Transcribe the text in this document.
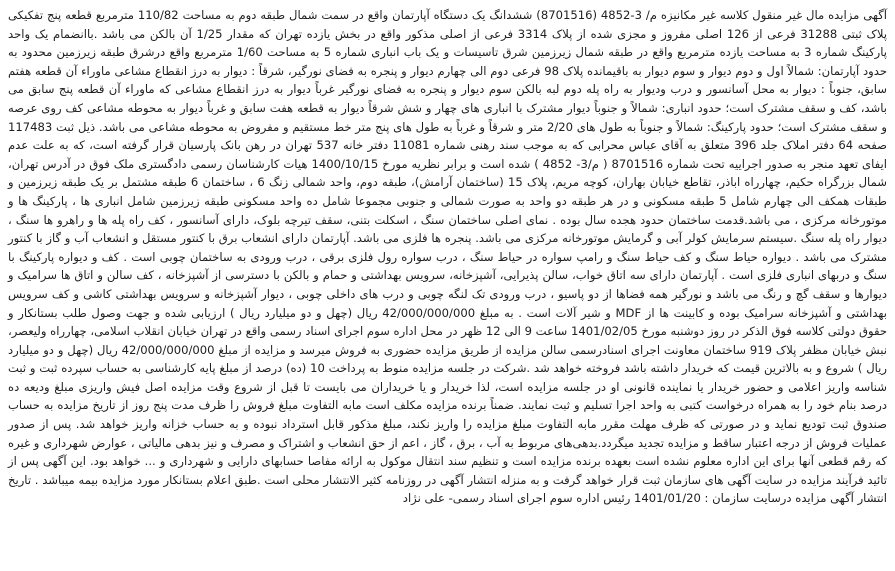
آگهی مزایده مال غیر منقول کلاسه غیر مکانیزه م/ 3-4852 (8701516) ششدانگ یک دستگاه آپارتمان واقع در سمت شمال طبقه دوم به مساحت 110/82 مترمربع قطعه پنج تفکیکی پلاک ثبتی 31288 فرعی از 126 اصلی مفروز و مجزی شده از پلاک 3314 فرعی از اصلی مذکور واقع در بخش یازده تهران که مقدار 1/25 آن بالکن می باشد .باانضمام یک واحد پارکینگ شماره 3 به مساحت یازده مترمربع واقع در طبقه شمال زیرزمین شرق تاسیسات و یک باب انباری شماره 5 به مساحت 1/60 مترمربع واقع درشرق طبقه زیرزمین محدود به حدود آپارتمان: شمالاً اول و دوم دیوار و سوم دیوار به باقیمانده پلاک 98 فرعی دوم الی چهارم دیوار و پنجره به فضای نورگیر، شرقاً : دیوار به درز انقطاع مشاعی ماوراء آن قطعه هفتم سابق، جنوباً : دیوار به محل آسانسور و درب ودیوار به راه پله دوم لبه بالکن سوم دیوار و پنجره به فضای نورگیر غرباً دیوار به درز انقطاع مشاعی که ماوراء آن قطعه پنج سابق می باشد، کف و سقف مشترک است؛ حدود انباری: شمالاً و جنوباً دیوار مشترک با انباری های چهار و شش شرقاً دیوار به قطعه هفت سابق و غرباً دیوار به محوطه مشاعی کف روی عرصه و سقف مشترک است؛ حدود پارکینگ: شمالاً و جنوباً به طول های 2/20 متر و شرقاً و غرباً به طول های پنج متر خط مستقیم و مفروض به محوطه مشاعی می باشد. ذیل ثبت 117483 صفحه 64 دفتر املاک جلد 396 متعلق به آقای عباس محرابی که به موجب سند رهنی شماره 11081 دفتر خانه 537 تهران در رهن بانک پارسیان قرار گرفته است، که به علت عدم ایفای تعهد منجر به صدور اجراییه تحت شماره 8701516 ( م/3- 4852 ) شده است و برابر نظریه مورخ 1400/10/15 هیات کارشناسان رسمی دادگستری ملک فوق در آدرس تهران، شمال بزرگراه حکیم، چهارراه اباذر، تقاطع خیابان بهاران، کوچه مریم، پلاک 15 (ساختمان آرامش)، طبقه دوم، واحد شمالی زنگ 6 ، ساختمان 6 طبقه مشتمل بر یک طبقه زیرزمین و طبقات همکف الی چهارم شامل 5 طبقه مسکونی و در هر طبقه دو واحد به صورت شمالی و جنوبی مجموعا شامل ده واحد مسکونی طبقه زیرزمین شامل انباری ها ، پارکینگ ها و موتورخانه مرکزی ، می باشد.قدمت ساختمان حدود هجده سال بوده . نمای اصلی ساختمان سنگ ، اسکلت بتنی، سقف تیرچه بلوک، دارای آسانسور ، کف راه پله ها و راهرو ها سنگ ، دیوار راه پله سنگ .سیستم سرمایش کولر آبی و گرمایش موتورخانه مرکزی می باشد. پنجره ها فلزی می باشد. آپارتمان دارای انشعاب برق با کنتور مستقل و انشعاب آب و گاز با کنتور مشترک می باشد . دیواره حیاط سنگ و کف حیاط سنگ و رامپ سواره در حیاط سنگ ، درب سواره رول فلزی برقی ، درب ورودی به ساختمان چوبی است . کف و دیواره پارکینگ با سنگ و دربهای انباری فلزی است . آپارتمان دارای سه اتاق خواب، سالن پذیرایی، آشپزخانه، سرویس بهداشتی و حمام و بالکن با دسترسی از آشپزخانه ، کف سالن و اتاق ها سرامیک و دیوارها و سقف گچ و رنگ می باشد و نورگیر همه فضاها از دو پاسیو ، درب ورودی تک لنگه چوبی و درب های داخلی چوبی ، دیوار آشپزخانه و سرویس بهداشتی کاشی و کف سرویس بهداشتی و آشپزخانه سرامیک بوده و کابینت ها از MDF و شیر آلات است . به مبلغ 42/000/000/000 ریال (چهل و دو میلیارد ریال ) ارزیابی شده و جهت وصول طلب بستانکار و حقوق دولتی کلاسه فوق الذکر در روز دوشنبه مورخ 1401/02/05 ساعت 9 الی 12 ظهر در محل اداره سوم اجرای اسناد رسمی واقع در تهران خیابان انقلاب اسلامی، چهارراه ولیعصر، نبش خیابان مظفر پلاک 919 ساختمان معاونت اجرای اسنادرسمی سالن مزایده از طریق مزایده حضوری به فروش میرسد و مزایده از مبلغ 42/000/000/000 ریال (چهل و دو میلیارد ریال ) شروع و به بالاترین قیمت که خریدار داشته باشد فروخته خواهد شد .شرکت در جلسه مزایده منوط به پرداخت 10 (ده) درصد از مبلغ پایه کارشناسی به حساب سپرده ثبت و ثبت شناسه واریز اعلامی و حضور خریدار یا نماینده قانونی او در جلسه مزایده است، لذا خریدار و یا خریداران می بایست تا قبل از شروع وقت مزایده اصل فیش واریزی مبلغ ودیعه ده درصد بنام خود را به همراه درخواست کتبی به واحد اجرا تسلیم و ثبت نمایند. ضمناً برنده مزایده مکلف است مابه التفاوت مبلغ فروش را ظرف مدت پنج روز از تاریخ مزایده به حساب صندوق ثبت تودیع نماید و در صورتی که ظرف مهلت مقرر مابه التفاوت مبلغ مزایده را واریز نکند، مبلغ مذکور قابل استرداد نبوده و به حساب خزانه واریز خواهد شد. پس از صدور عملیات فروش از درجه اعتبار ساقط و مزایده تجدید میگردد.بدهی‌های مربوط به آب ، برق ، گاز ، اعم از حق انشعاب و اشتراک و مصرف و نیز بدهی مالیاتی ، عوارض شهرداری و غیره که رقم قطعی آنها برای این اداره معلوم نشده است بعهده برنده مزایده است و تنظیم سند انتقال موکول به ارائه مفاصا حسابهای دارایی و شهرداری و ... خواهد بود. این آگهی پس از تائید فرآیند مزایده در سایت آگهی های سازمان ثبت قرار خواهد گرفت و به منزله انتشار آگهی در روزنامه کثیر الانتشار محلی است .طبق اعلام بستانکار مورد مزایده بیمه میباشد . تاریخ انتشار آگهی مزایده درسایت سازمان : 1401/01/20 رئیس اداره سوم اجرای اسناد رسمی- علی نژاد
